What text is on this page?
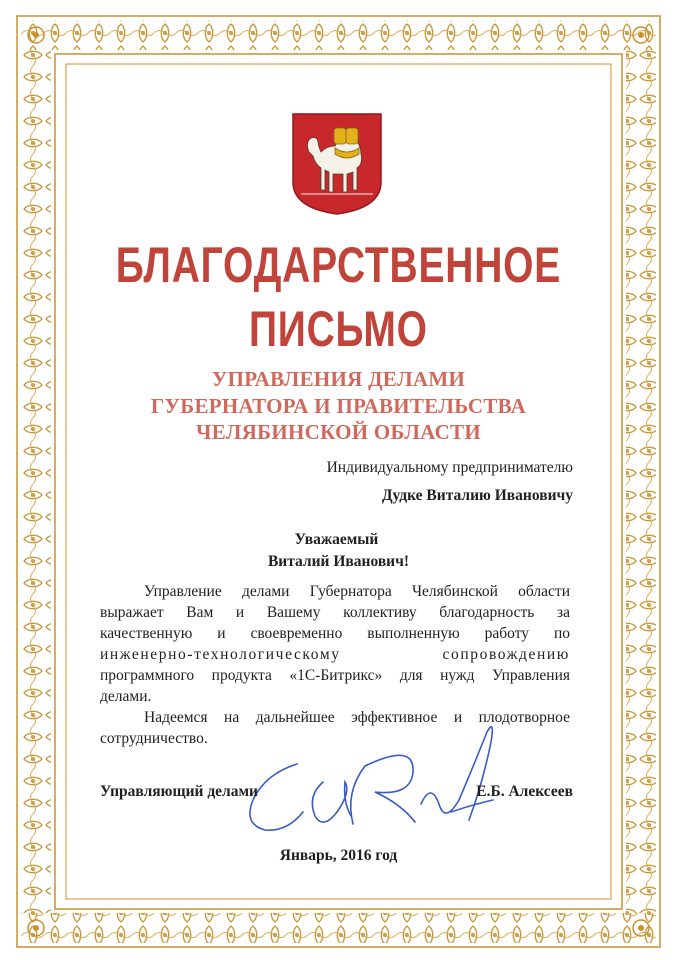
БЛАГОДАРСТВЕННОЕ
ПИСЬМО
УПРАВЛЕНИЯ ДЕЛАМИ
ГУБЕРНАТОРА И ПРАВИТЕЛЬСТВА
ЧЕЛЯБИНСКОЙ ОБЛАСТИ
Индивидуальному предпринимателю
Дудке Виталию Ивановичу
Уважаемый
Виталий Иванович!
Управление делами Губернатора Челябинской области
выражает Вам и Вашему коллективу благодарность за
качественную и своевременно выполненную работу по
инженерно-технологическому сопровождению
программного продукта «1С-Битрикс» для нужд Управления
делами.
Надеемся на дальнейшее эффективное и плодотворное
сотрудничество.
Управляющий делами	Е.Б. Алексеев
Январь, 2016 год
